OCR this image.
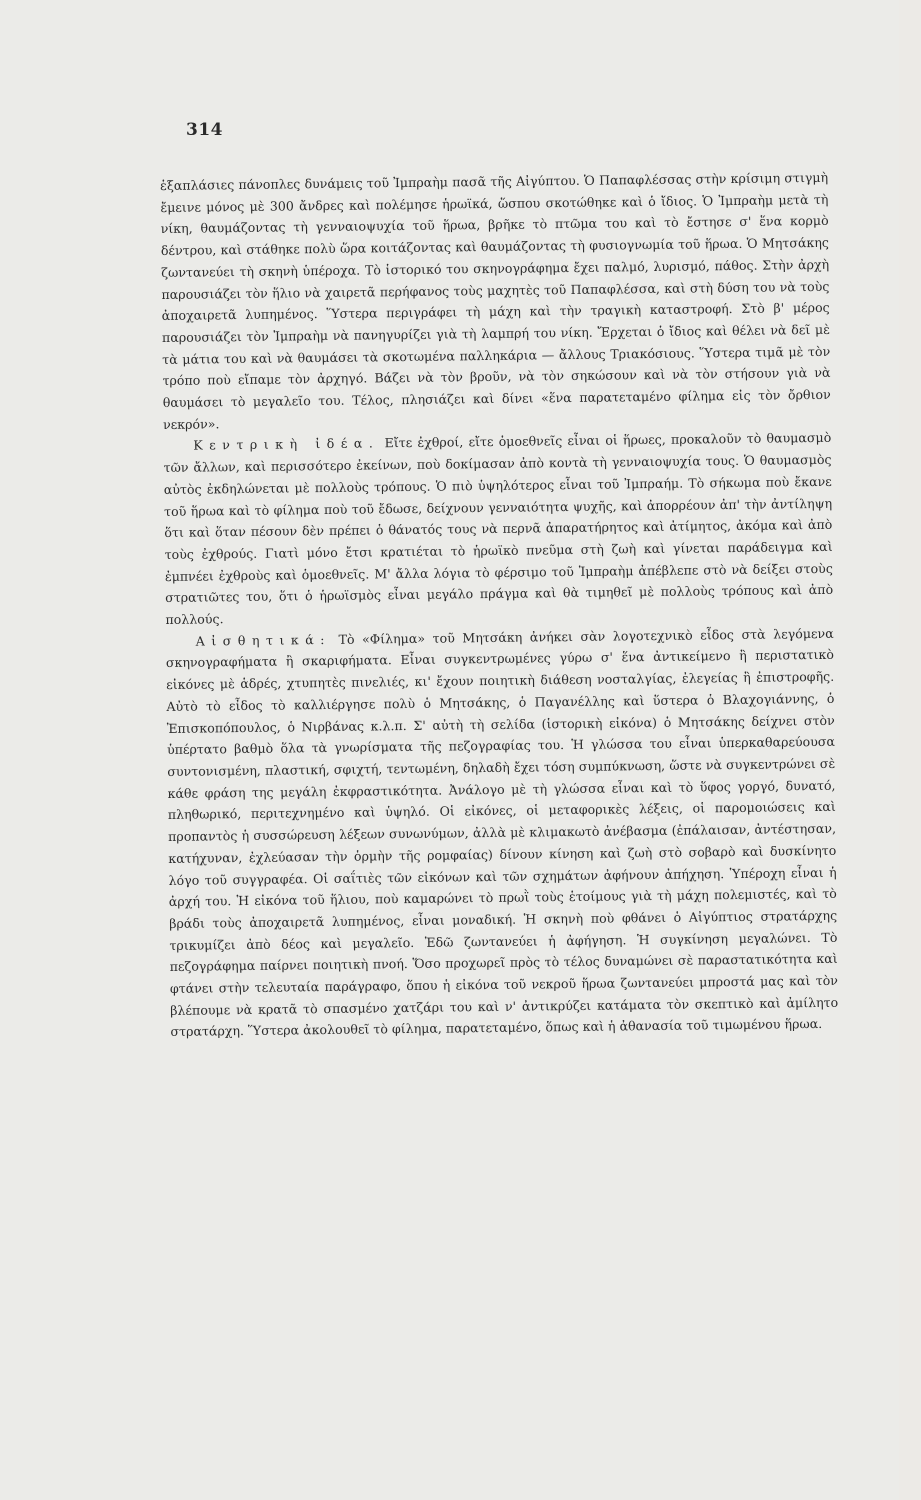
314

ἑξαπλάσιες πάνοπλες δυνάμεις τοῦ Ἰμπραὴμ πασᾶ τῆς Αἰγύπτου. Ὁ Παπαφλέσσας στὴν κρίσιμη στιγμὴ ἔμεινε μόνος μὲ 300 ἄνδρες καὶ πολέμησε ἡρωϊκά, ὥσπου σκοτώθηκε καὶ ὁ ἴδιος. Ὁ Ἰμπραὴμ μετὰ τὴ νίκη, θαυμάζοντας τὴ γενναιοψυχία τοῦ ἥρωα, βρῆκε τὸ πτῶμα του καὶ τὸ ἔστησε σ' ἕνα κορμὸ δέντρου, καὶ στάθηκε πολὺ ὥρα κοιτάζοντας καὶ θαυμάζοντας τὴ φυσιογνωμία τοῦ ἥρωα. Ὁ Μητσάκης ζωντανεύει τὴ σκηνὴ ὑπέροχα. Τὸ ἱστορικό του σκηνογράφημα ἔχει παλμό, λυρισμό, πάθος. Στὴν ἀρχὴ παρουσιάζει τὸν ἥλιο νὰ χαιρετᾶ περήφανος τοὺς μαχητὲς τοῦ Παπαφλέσσα, καὶ στὴ δύση του νὰ τοὺς ἀποχαιρετᾶ λυπημένος. Ὕστερα περιγράφει τὴ μάχη καὶ τὴν τραγικὴ καταστροφή. Στὸ β' μέρος παρουσιάζει τὸν Ἰμπραὴμ νὰ πανηγυρίζει γιὰ τὴ λαμπρή του νίκη. Ἔρχεται ὁ ἴδιος καὶ θέλει νὰ δεῖ μὲ τὰ μάτια του καὶ νὰ θαυμάσει τὰ σκοτωμένα παλληκάρια — ἄλλους Τριακόσιους. Ὕστερα τιμᾶ μὲ τὸν τρόπο ποὺ εἴπαμε τὸν ἀρχηγό. Βάζει νὰ τὸν βροῦν, νὰ τὸν σηκώσουν καὶ νὰ τὸν στήσουν γιὰ νὰ θαυμάσει τὸ μεγαλεῖο του. Τέλος, πλησιάζει καὶ δίνει «ἕνα παρατεταμένο φίλημα εἰς τὸν ὄρθιον νεκρόν».

Κεντρικὴ ἰδέα. Εἴτε ἐχθροί, εἴτε ὁμοεθνεῖς εἶναι οἱ ἥρωες, προκαλοῦν τὸ θαυμασμὸ τῶν ἄλλων, καὶ περισσότερο ἐκείνων, ποὺ δοκίμασαν ἀπὸ κοντὰ τὴ γενναιοψυχία τους. Ὁ θαυμασμὸς αὐτὸς ἐκδηλώνεται μὲ πολλοὺς τρόπους. Ὁ πιὸ ὑψηλότερος εἶναι τοῦ Ἰμπραήμ. Τὸ σήκωμα ποὺ ἔκανε τοῦ ἥρωα καὶ τὸ φίλημα ποὺ τοῦ ἔδωσε, δείχνουν γενναιότητα ψυχῆς, καὶ ἀπορρέουν ἀπ' τὴν ἀντίληψη ὅτι καὶ ὅταν πέσουν δὲν πρέπει ὁ θάνατός τους νὰ περνᾶ ἀπαρατήρητος καὶ ἀτίμητος, ἀκόμα καὶ ἀπὸ τοὺς ἐχθρούς. Γιατὶ μόνο ἔτσι κρατιέται τὸ ἡρωϊκὸ πνεῦμα στὴ ζωὴ καὶ γίνεται παράδειγμα καὶ ἐμπνέει ἐχθροὺς καὶ ὁμοεθνεῖς. Μ' ἄλλα λόγια τὸ φέρσιμο τοῦ Ἰμπραὴμ ἀπέβλεπε στὸ νὰ δείξει στοὺς στρατιῶτες του, ὅτι ὁ ἡρωϊσμὸς εἶναι μεγάλο πράγμα καὶ θὰ τιμηθεῖ μὲ πολλοὺς τρόπους καὶ ἀπὸ πολλούς.

Αἰσθητικά: Τὸ «Φίλημα» τοῦ Μητσάκη ἀνήκει σὰν λογοτεχνικὸ εἶδος στὰ λεγόμενα σκηνογραφήματα ἢ σκαριφήματα. Εἶναι συγκεντρωμένες γύρω σ' ἕνα ἀντικείμενο ἢ περιστατικὸ εἰκόνες μὲ ἁδρές, χτυπητὲς πινελιές, κι' ἔχουν ποιητικὴ διάθεση νοσταλγίας, ἐλεγείας ἢ ἐπιστροφῆς. Αὐτὸ τὸ εἶδος τὸ καλλιέργησε πολὺ ὁ Μητσάκης, ὁ Παγανέλλης καὶ ὕστερα ὁ Βλαχογιάννης, ὁ Ἐπισκοπόπουλος, ὁ Νιρβάνας κ.λ.π. Σ' αὐτὴ τὴ σελίδα (ἱστορικὴ εἰκόνα) ὁ Μητσάκης δείχνει στὸν ὑπέρτατο βαθμὸ ὅλα τὰ γνωρίσματα τῆς πεζογραφίας του. Ἡ γλώσσα του εἶναι ὑπερκαθαρεύουσα συντονισμένη, πλαστική, σφιχτή, τεντωμένη, δηλαδὴ ἔχει τόση συμπύκνωση, ὥστε νὰ συγκεντρώνει σὲ κάθε φράση της μεγάλη ἐκφραστικότητα. Ἀνάλογο μὲ τὴ γλώσσα εἶναι καὶ τὸ ὕφος γοργό, δυνατό, πληθωρικό, περιτεχνημένο καὶ ὑψηλό. Οἱ εἰκόνες, οἱ μεταφορικὲς λέξεις, οἱ παρομοιώσεις καὶ προπαντὸς ἡ συσσώρευση λέξεων συνωνύμων, ἀλλὰ μὲ κλιμακωτὸ ἀνέβασμα (ἐπάλαισαν, ἀντέστησαν, κατήχυναν, ἐχλεύασαν τὴν ὁρμὴν τῆς ρομφαίας) δίνουν κίνηση καὶ ζωὴ στὸ σοβαρὸ καὶ δυσκίνητο λόγο τοῦ συγγραφέα. Οἱ σαΐτιὲς τῶν εἰκόνων καὶ τῶν σχημάτων ἀφήνουν ἀπήχηση. Ὑπέροχη εἶναι ἡ ἀρχή του. Ἡ εἰκόνα τοῦ ἥλιου, ποὺ καμαρώνει τὸ πρωῒ τοὺς ἑτοίμους γιὰ τὴ μάχη πολεμιστές, καὶ τὸ βράδι τοὺς ἀποχαιρετᾶ λυπημένος, εἶναι μοναδική. Ἡ σκηνὴ ποὺ φθάνει ὁ Αἰγύπτιος στρατάρχης τρικυμίζει ἀπὸ δέος καὶ μεγαλεῖο. Ἐδῶ ζωντανεύει ἡ ἀφήγηση. Ἡ συγκίνηση μεγαλώνει. Τὸ πεζογράφημα παίρνει ποιητικὴ πνοή. Ὅσο προχωρεῖ πρὸς τὸ τέλος δυναμώνει σὲ παραστατικότητα καὶ φτάνει στὴν τελευταία παράγραφο, ὅπου ἡ εἰκόνα τοῦ νεκροῦ ἥρωα ζωντανεύει μπροστά μας καὶ τὸν βλέπουμε νὰ κρατᾶ τὸ σπασμένο χατζάρι του καὶ ν' ἀντικρύζει κατάματα τὸν σκεπτικὸ καὶ ἀμίλητο στρατάρχη. Ὕστερα ἀκολουθεῖ τὸ φίλημα, παρατεταμένο, ὅπως καὶ ἡ ἀθανασία τοῦ τιμωμένου ἥρωα.
